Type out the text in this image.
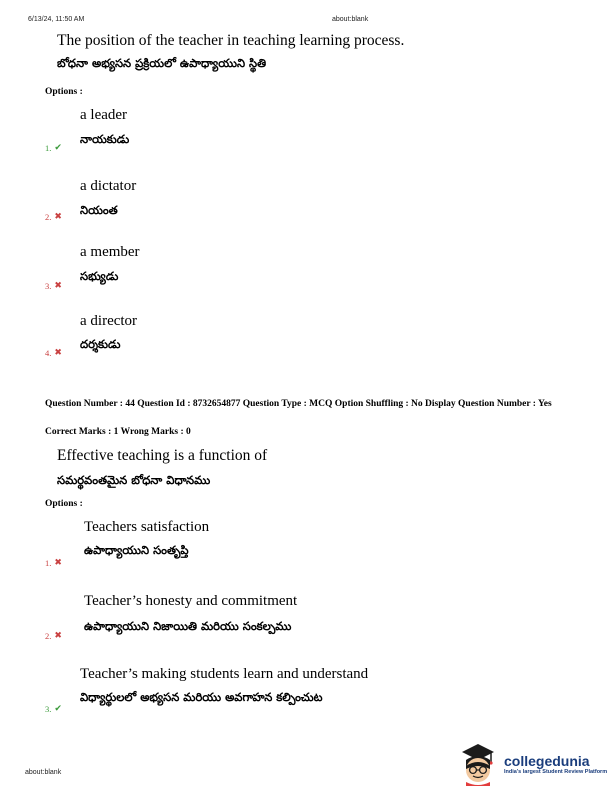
6/13/24, 11:50 AM	about:blank
The position of the teacher in teaching learning process.
బోధనా అభ్యసన ప్రక్రియలో ఉపాధ్యాయుని స్థితి
Options :
a leader
నాయకుడు
1. ✔
a dictator
నియంత
2. ✖
a member
సభ్యుడు
3. ✖
a director
దర్శకుడు
4. ✖
Question Number : 44 Question Id : 8732654877 Question Type : MCQ Option Shuffling : No Display Question Number : Yes
Correct Marks : 1 Wrong Marks : 0
Effective teaching is a function of
సమర్థవంతమైన బోధనా విధానము
Options :
Teachers satisfaction
ఉపాధ్యాయుని సంతృప్తి
1. ✖
Teacher’s honesty and commitment
ఉపాధ్యాయుని నిజాయితి మరియు సంకల్పము
2. ✖
Teacher’s making students learn and understand
విధ్యార్థులలో అభ్యసన మరియు అవగాహన కల్పించుట
3. ✔
about:blank
collegedunia
India's largest Student Review Platform
